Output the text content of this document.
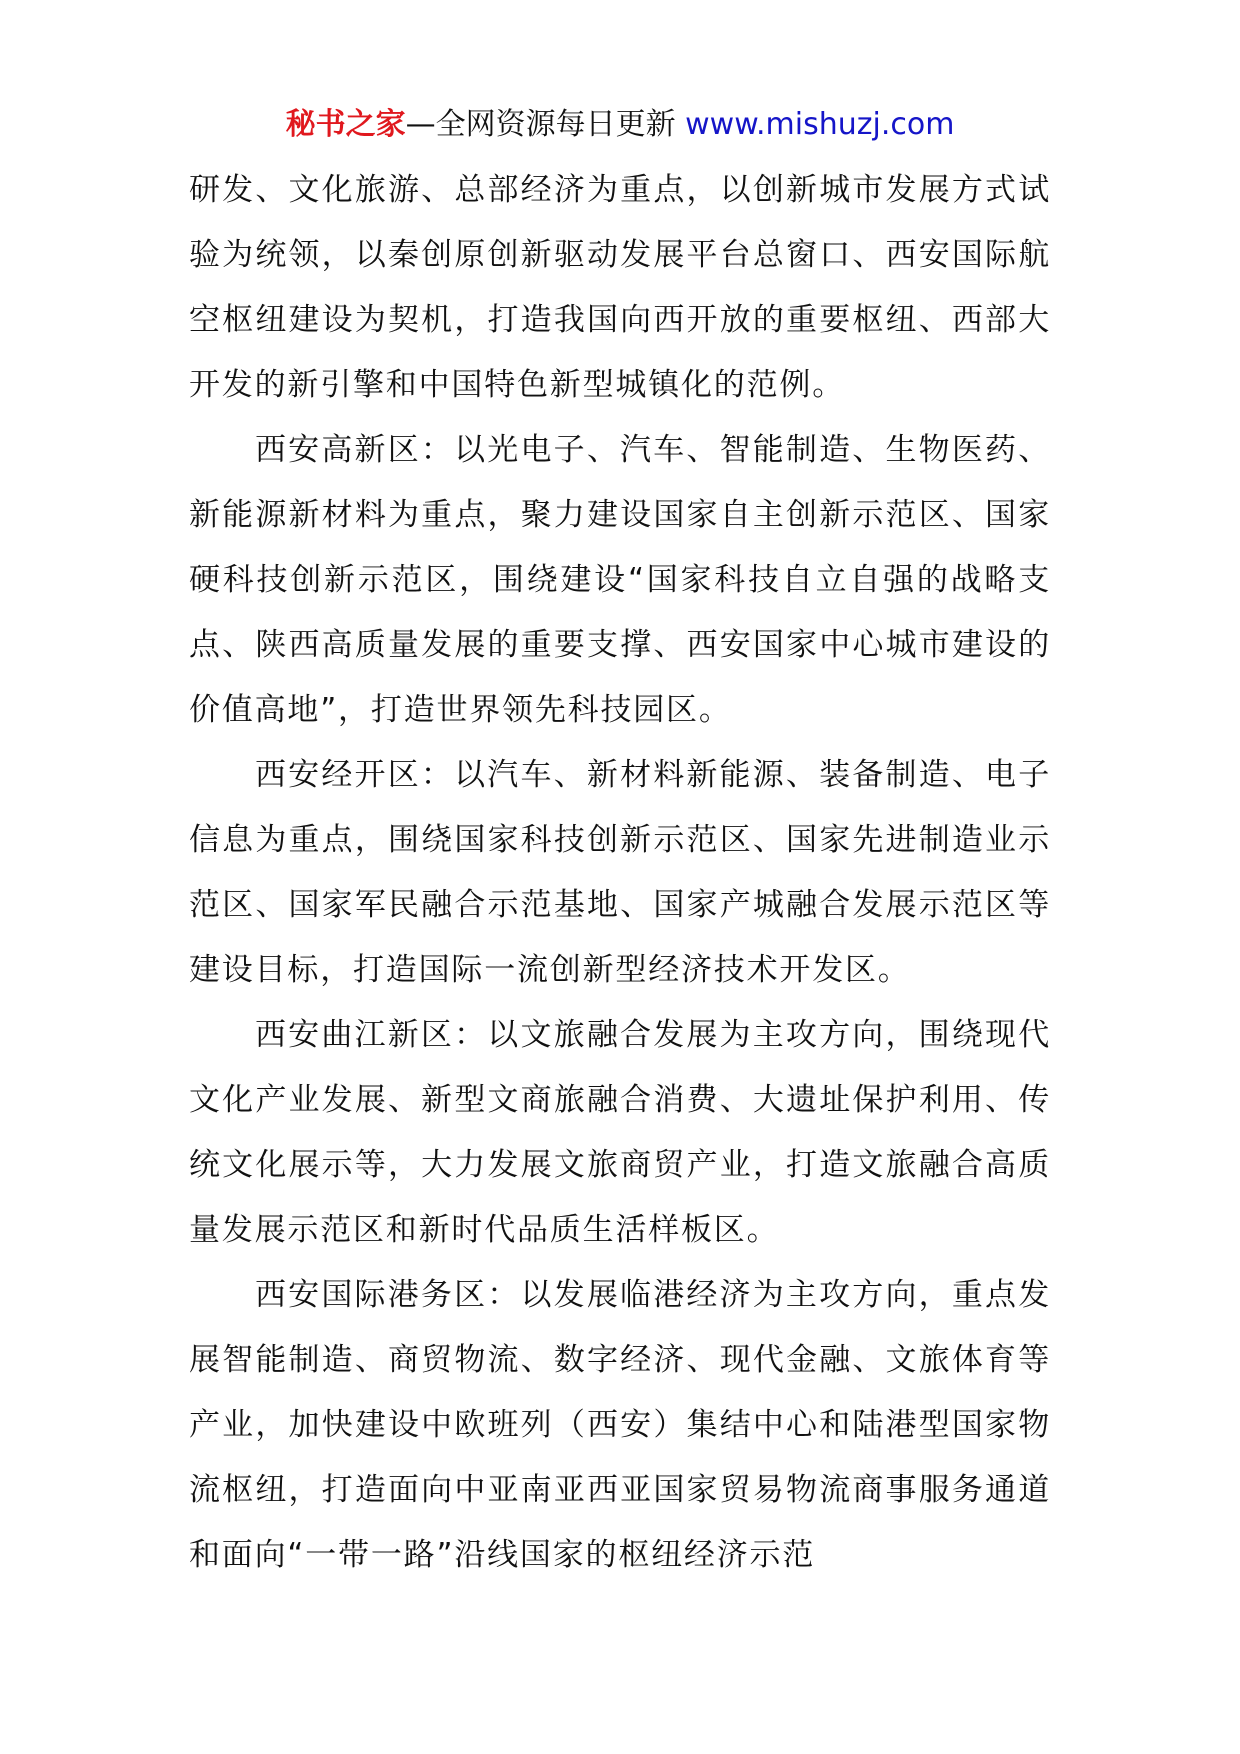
秘书之家—全网资源每日更新 www.mishuzj.com

研发、文化旅游、总部经济为重点，以创新城市发展方式试验为统领，以秦创原创新驱动发展平台总窗口、西安国际航空枢纽建设为契机，打造我国向西开放的重要枢纽、西部大开发的新引擎和中国特色新型城镇化的范例。

西安高新区：以光电子、汽车、智能制造、生物医药、新能源新材料为重点，聚力建设国家自主创新示范区、国家硬科技创新示范区，围绕建设“国家科技自立自强的战略支点、陕西高质量发展的重要支撑、西安国家中心城市建设的价值高地”，打造世界领先科技园区。

西安经开区：以汽车、新材料新能源、装备制造、电子信息为重点，围绕国家科技创新示范区、国家先进制造业示范区、国家军民融合示范基地、国家产城融合发展示范区等建设目标，打造国际一流创新型经济技术开发区。

西安曲江新区：以文旅融合发展为主攻方向，围绕现代文化产业发展、新型文商旅融合消费、大遗址保护利用、传统文化展示等，大力发展文旅商贸产业，打造文旅融合高质量发展示范区和新时代品质生活样板区。

西安国际港务区：以发展临港经济为主攻方向，重点发展智能制造、商贸物流、数字经济、现代金融、文旅体育等产业，加快建设中欧班列（西安）集结中心和陆港型国家物流枢纽，打造面向中亚南亚西亚国家贸易物流商事服务通道和面向“一带一路”沿线国家的枢纽经济示范
